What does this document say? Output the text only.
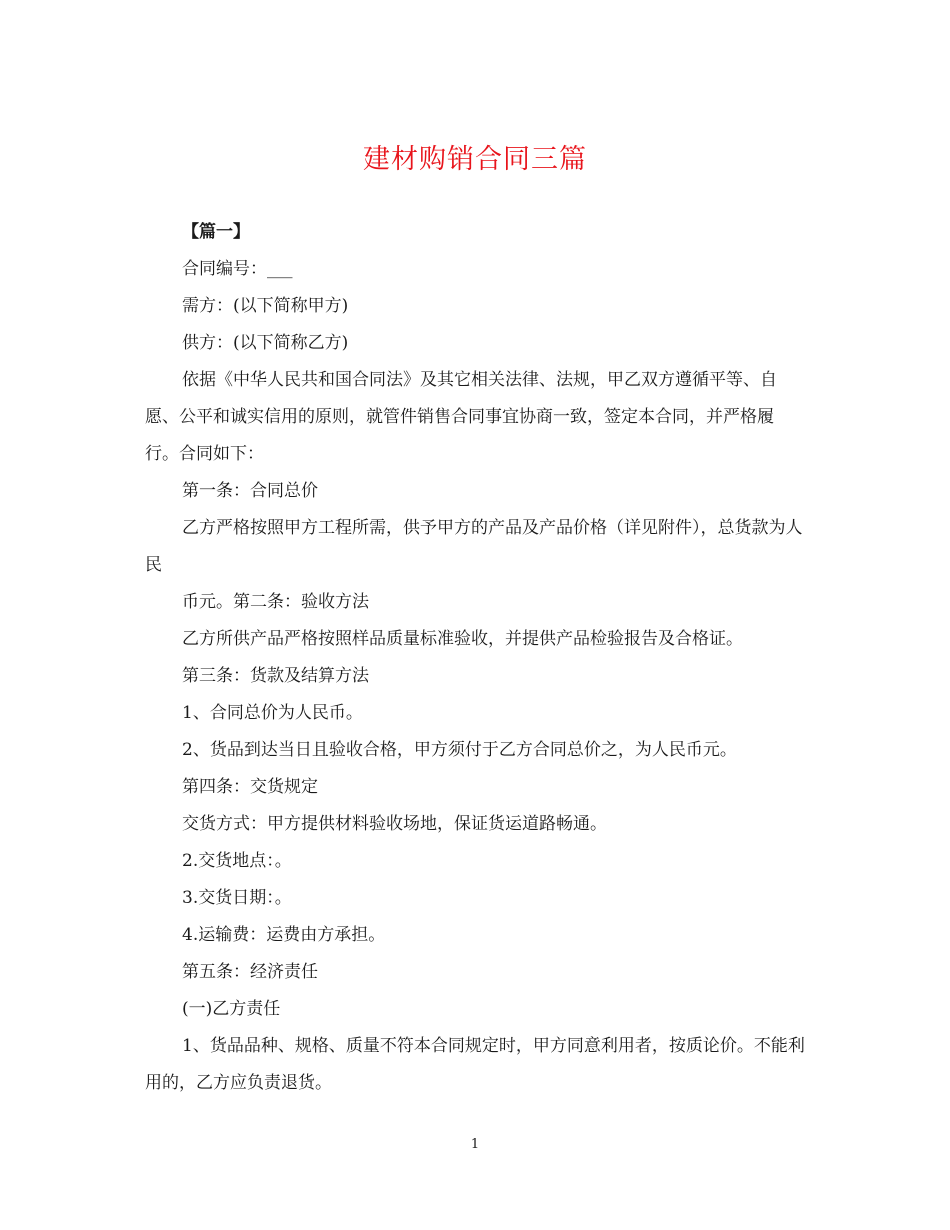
建材购销合同三篇

【篇一】

合同编号：___

需方：(以下简称甲方)

供方：(以下简称乙方)

依据《中华人民共和国合同法》及其它相关法律、法规，甲乙双方遵循平等、自愿、公平和诚实信用的原则，就管件销售合同事宜协商一致，签定本合同，并严格履行。合同如下：

第一条：合同总价

乙方严格按照甲方工程所需，供予甲方的产品及产品价格（详见附件），总货款为人民

币元。第二条：验收方法

乙方所供产品严格按照样品质量标准验收，并提供产品检验报告及合格证。

第三条：货款及结算方法

1、合同总价为人民币。

2、货品到达当日且验收合格，甲方须付于乙方合同总价之，为人民币元。

第四条：交货规定

交货方式：甲方提供材料验收场地，保证货运道路畅通。

2.交货地点：。

3.交货日期：。

4.运输费：运费由方承担。

第五条：经济责任

(一)乙方责任

1、货品品种、规格、质量不符本合同规定时，甲方同意利用者，按质论价。不能利用的，乙方应负责退货。

1
